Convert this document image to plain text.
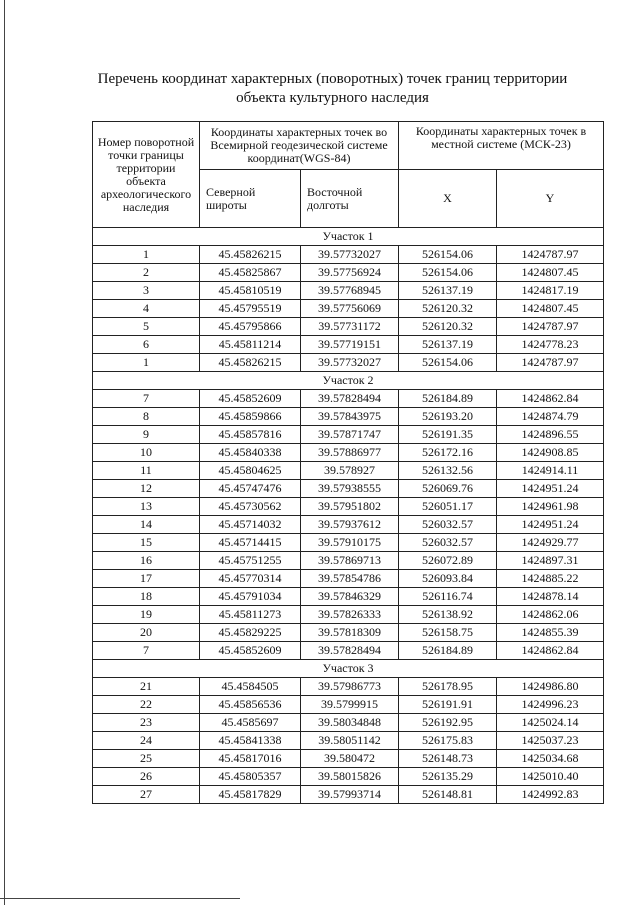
Перечень координат характерных (поворотных) точек границ территории
объекта культурного наследия
Номер поворотной точки границы территории объекта археологического наследия	Координаты характерных точек во Всемирной геодезической системе координат(WGS-84)		Координаты характерных точек в местной системе (МСК-23)	
	Северной широты	Восточной долготы	X	Y
Участок 1				
1	45.45826215	39.57732027	526154.06	1424787.97
2	45.45825867	39.57756924	526154.06	1424807.45
3	45.45810519	39.57768945	526137.19	1424817.19
4	45.45795519	39.57756069	526120.32	1424807.45
5	45.45795866	39.57731172	526120.32	1424787.97
6	45.45811214	39.57719151	526137.19	1424778.23
1	45.45826215	39.57732027	526154.06	1424787.97
Участок 2				
7	45.45852609	39.57828494	526184.89	1424862.84
8	45.45859866	39.57843975	526193.20	1424874.79
9	45.45857816	39.57871747	526191.35	1424896.55
10	45.45840338	39.57886977	526172.16	1424908.85
11	45.45804625	39.578927	526132.56	1424914.11
12	45.45747476	39.57938555	526069.76	1424951.24
13	45.45730562	39.57951802	526051.17	1424961.98
14	45.45714032	39.57937612	526032.57	1424951.24
15	45.45714415	39.57910175	526032.57	1424929.77
16	45.45751255	39.57869713	526072.89	1424897.31
17	45.45770314	39.57854786	526093.84	1424885.22
18	45.45791034	39.57846329	526116.74	1424878.14
19	45.45811273	39.57826333	526138.92	1424862.06
20	45.45829225	39.57818309	526158.75	1424855.39
7	45.45852609	39.57828494	526184.89	1424862.84
Участок 3				
21	45.4584505	39.57986773	526178.95	1424986.80
22	45.45856536	39.5799915	526191.91	1424996.23
23	45.4585697	39.58034848	526192.95	1425024.14
24	45.45841338	39.58051142	526175.83	1425037.23
25	45.45817016	39.580472	526148.73	1425034.68
26	45.45805357	39.58015826	526135.29	1425010.40
27	45.45817829	39.57993714	526148.81	1424992.83
